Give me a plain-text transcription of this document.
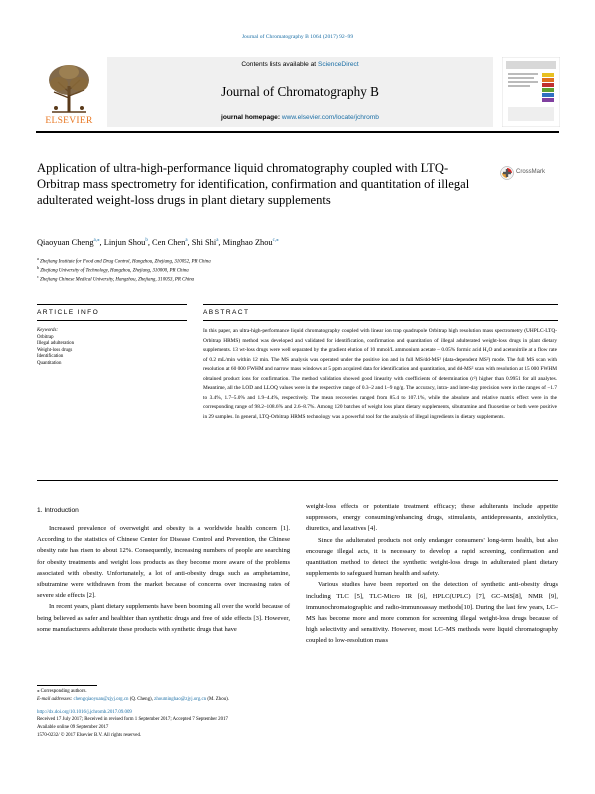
Journal of Chromatography B 1064 (2017) 92–99
ELSEVIER
Contents lists available at ScienceDirect
Journal of Chromatography B
journal homepage: www.elsevier.com/locate/jchromb
Application of ultra-high-performance liquid chromatography coupled with LTQ-Orbitrap mass spectrometry for identification, confirmation and quantitation of illegal adulterated weight-loss drugs in plant dietary supplements
CrossMark
Qiaoyuan Cheng$^{a,⁎}$, Linjun Shou$^b$, Cen Chen$^a$, Shi Shi$^a$, Minghao Zhou$^{c,⁎}$
$^a$ Zhejiang Institute for Food and Drug Control, Hangzhou, Zhejiang, 310052, PR China
$^b$ Zhejiang University of Technology, Hangzhou, Zhejiang, 310000, PR China
$^c$ Zhejiang Chinese Medical University, Hangzhou, Zhejiang, 310053, PR China
ARTICLE INFO	ABSTRACT
Keywords:
Orbitrap
Illegal adulteration
Weight-loss drugs
Identification
Quantitation
In this paper, an ultra-high-performance liquid chromatography coupled with linear ion trap quadrupole Orbitrap high resolution mass spectrometry (UHPLC-LTQ-Orbitrap HRMS) method was developed and validated for identification, confirmation and quantitation of illegal adulterated weight-loss drugs in plant dietary supplements. 13 wt-loss drugs were well separated by the gradient elution of 10 mmol/L ammonium acetate – 0.05% formic acid H₂O and acetonitrile at a flow rate of 0.2 mL/min within 12 min. The MS analysis was operated under the positive ion and in full MS/dd-MS² (data-dependent MS²) mode. The full MS scan with resolution at 60 000 FWHM and narrow mass windows at 5 ppm acquired data for identification and quantitation, and dd-MS² scan with resolution at 15 000 FWHM obtained product ions for confirmation. The method validation showed good linearity with coefficients of determination (r²) higher than 0.9951 for all analytes. Meantime, all the LOD and LLOQ values were in the respective range of 0.3–2 and 1–9 ng/g. The accuracy, intra- and inter-day precision were in the ranges of −1.7 to 3.4%, 1.7–5.0% and 1.9–4.4%, respectively. The mean recoveries ranged from 85.4 to 107.1%, while the absolute and relative matrix effect were in the corresponding range of 98.2–108.6% and 2.6–8.7%. Among 120 batches of weight loss plant dietary supplements, sibutramine and fluoxetine or both were positive in 29 samples. In general, LTQ-Orbitrap HRMS technology was a powerful tool for the analysis of illegal ingredients in dietary supplements.
1. Introduction

Increased prevalence of overweight and obesity is a worldwide health concern [1]. According to the statistics of Chinese Center for Disease Control and Prevention, the Chinese obesity rate has risen to about 12%. Consequently, increasing numbers of people are searching for obesity treatments and weight loss products as they become more aware of the problems associated with obesity. Unfortunately, a lot of anti-obesity drugs such as amphetamine, sibutramine were withdrawn from the market because of concerns over increasing rates of severe side effects [2].

In recent years, plant dietary supplements have been booming all over the world because of being believed as safer and healthier than synthetic drugs and free of side effects [3]. However, some manufacturers adulterate these products with synthetic drugs that have

weight-loss effects or potentiate treatment efficacy; these adulterants include appetite suppressors, energy consuming/enhancing drugs, stimulants, antidepressants, anxiolytics, diuretics, and laxatives [4].

Since the adulterated products not only endanger consumers' long-term health, but also encourage illegal acts, it is necessary to develop a rapid screening, confirmation and quantitation method to detect the synthetic weight-loss drugs in adulterated plant dietary supplements to safeguard human health and safety.

Various studies have been reported on the detection of synthetic anti-obesity drugs including TLC [5], TLC-Micro IR [6], HPLC(UPLC) [7], GC–MS[8], NMR [9], immunochromatographic and radio-immunoassay methods[10]. During the last few years, LC–MS has become more and more common for screening illegal weight-loss drugs because of high selectivity and sensitivity. However, most LC–MS methods were liquid chromatography coupled to low-resolution mass

⁎ Corresponding authors.
E-mail addresses: chengqiaoyuan@zjyj.org.cn (Q. Cheng), zhouminghao@zjyj.org.cn (M. Zhou).
http://dx.doi.org/10.1016/j.jchromb.2017.09.009
Received 17 July 2017; Received in revised form 1 September 2017; Accepted 7 September 2017
Available online 09 September 2017
1570-0232/ © 2017 Elsevier B.V. All rights reserved.
